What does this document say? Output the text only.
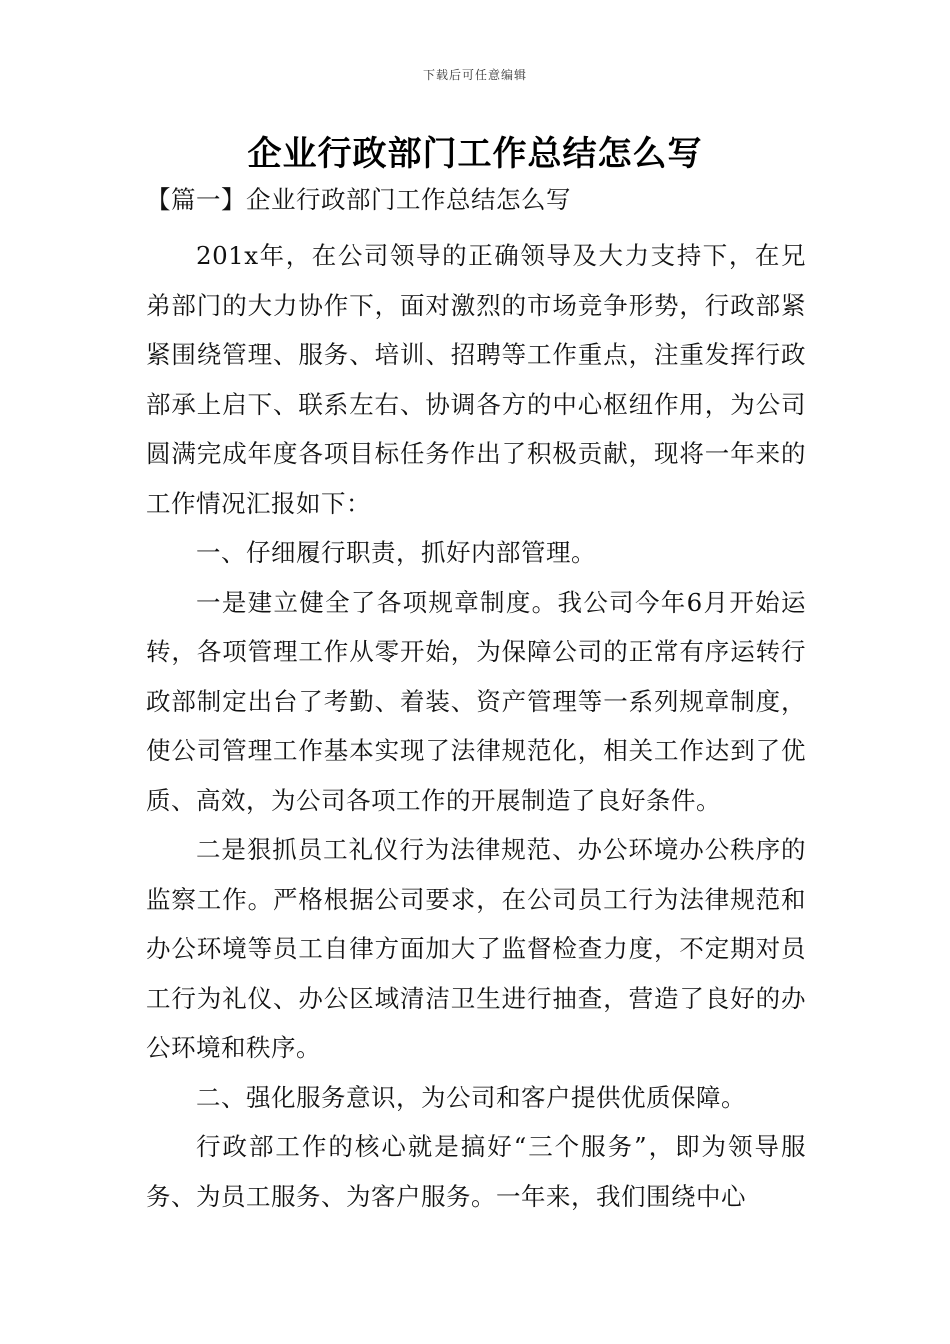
下载后可任意编辑
企业行政部门工作总结怎么写

【篇一】企业行政部门工作总结怎么写

201x年，在公司领导的正确领导及大力支持下，在兄弟部门的大力协作下，面对激烈的市场竞争形势，行政部紧紧围绕管理、服务、培训、招聘等工作重点，注重发挥行政部承上启下、联系左右、协调各方的中心枢纽作用，为公司圆满完成年度各项目标任务作出了积极贡献，现将一年来的工作情况汇报如下：

一、仔细履行职责，抓好内部管理。

一是建立健全了各项规章制度。我公司今年6月开始运转，各项管理工作从零开始，为保障公司的正常有序运转行政部制定出台了考勤、着装、资产管理等一系列规章制度，使公司管理工作基本实现了法律规范化，相关工作达到了优质、高效，为公司各项工作的开展制造了良好条件。

二是狠抓员工礼仪行为法律规范、办公环境办公秩序的监察工作。严格根据公司要求，在公司员工行为法律规范和办公环境等员工自律方面加大了监督检查力度，不定期对员工行为礼仪、办公区域清洁卫生进行抽查，营造了良好的办公环境和秩序。

二、强化服务意识，为公司和客户提供优质保障。

行政部工作的核心就是搞好“三个服务”，即为领导服务、为员工服务、为客户服务。一年来，我们围绕中心
